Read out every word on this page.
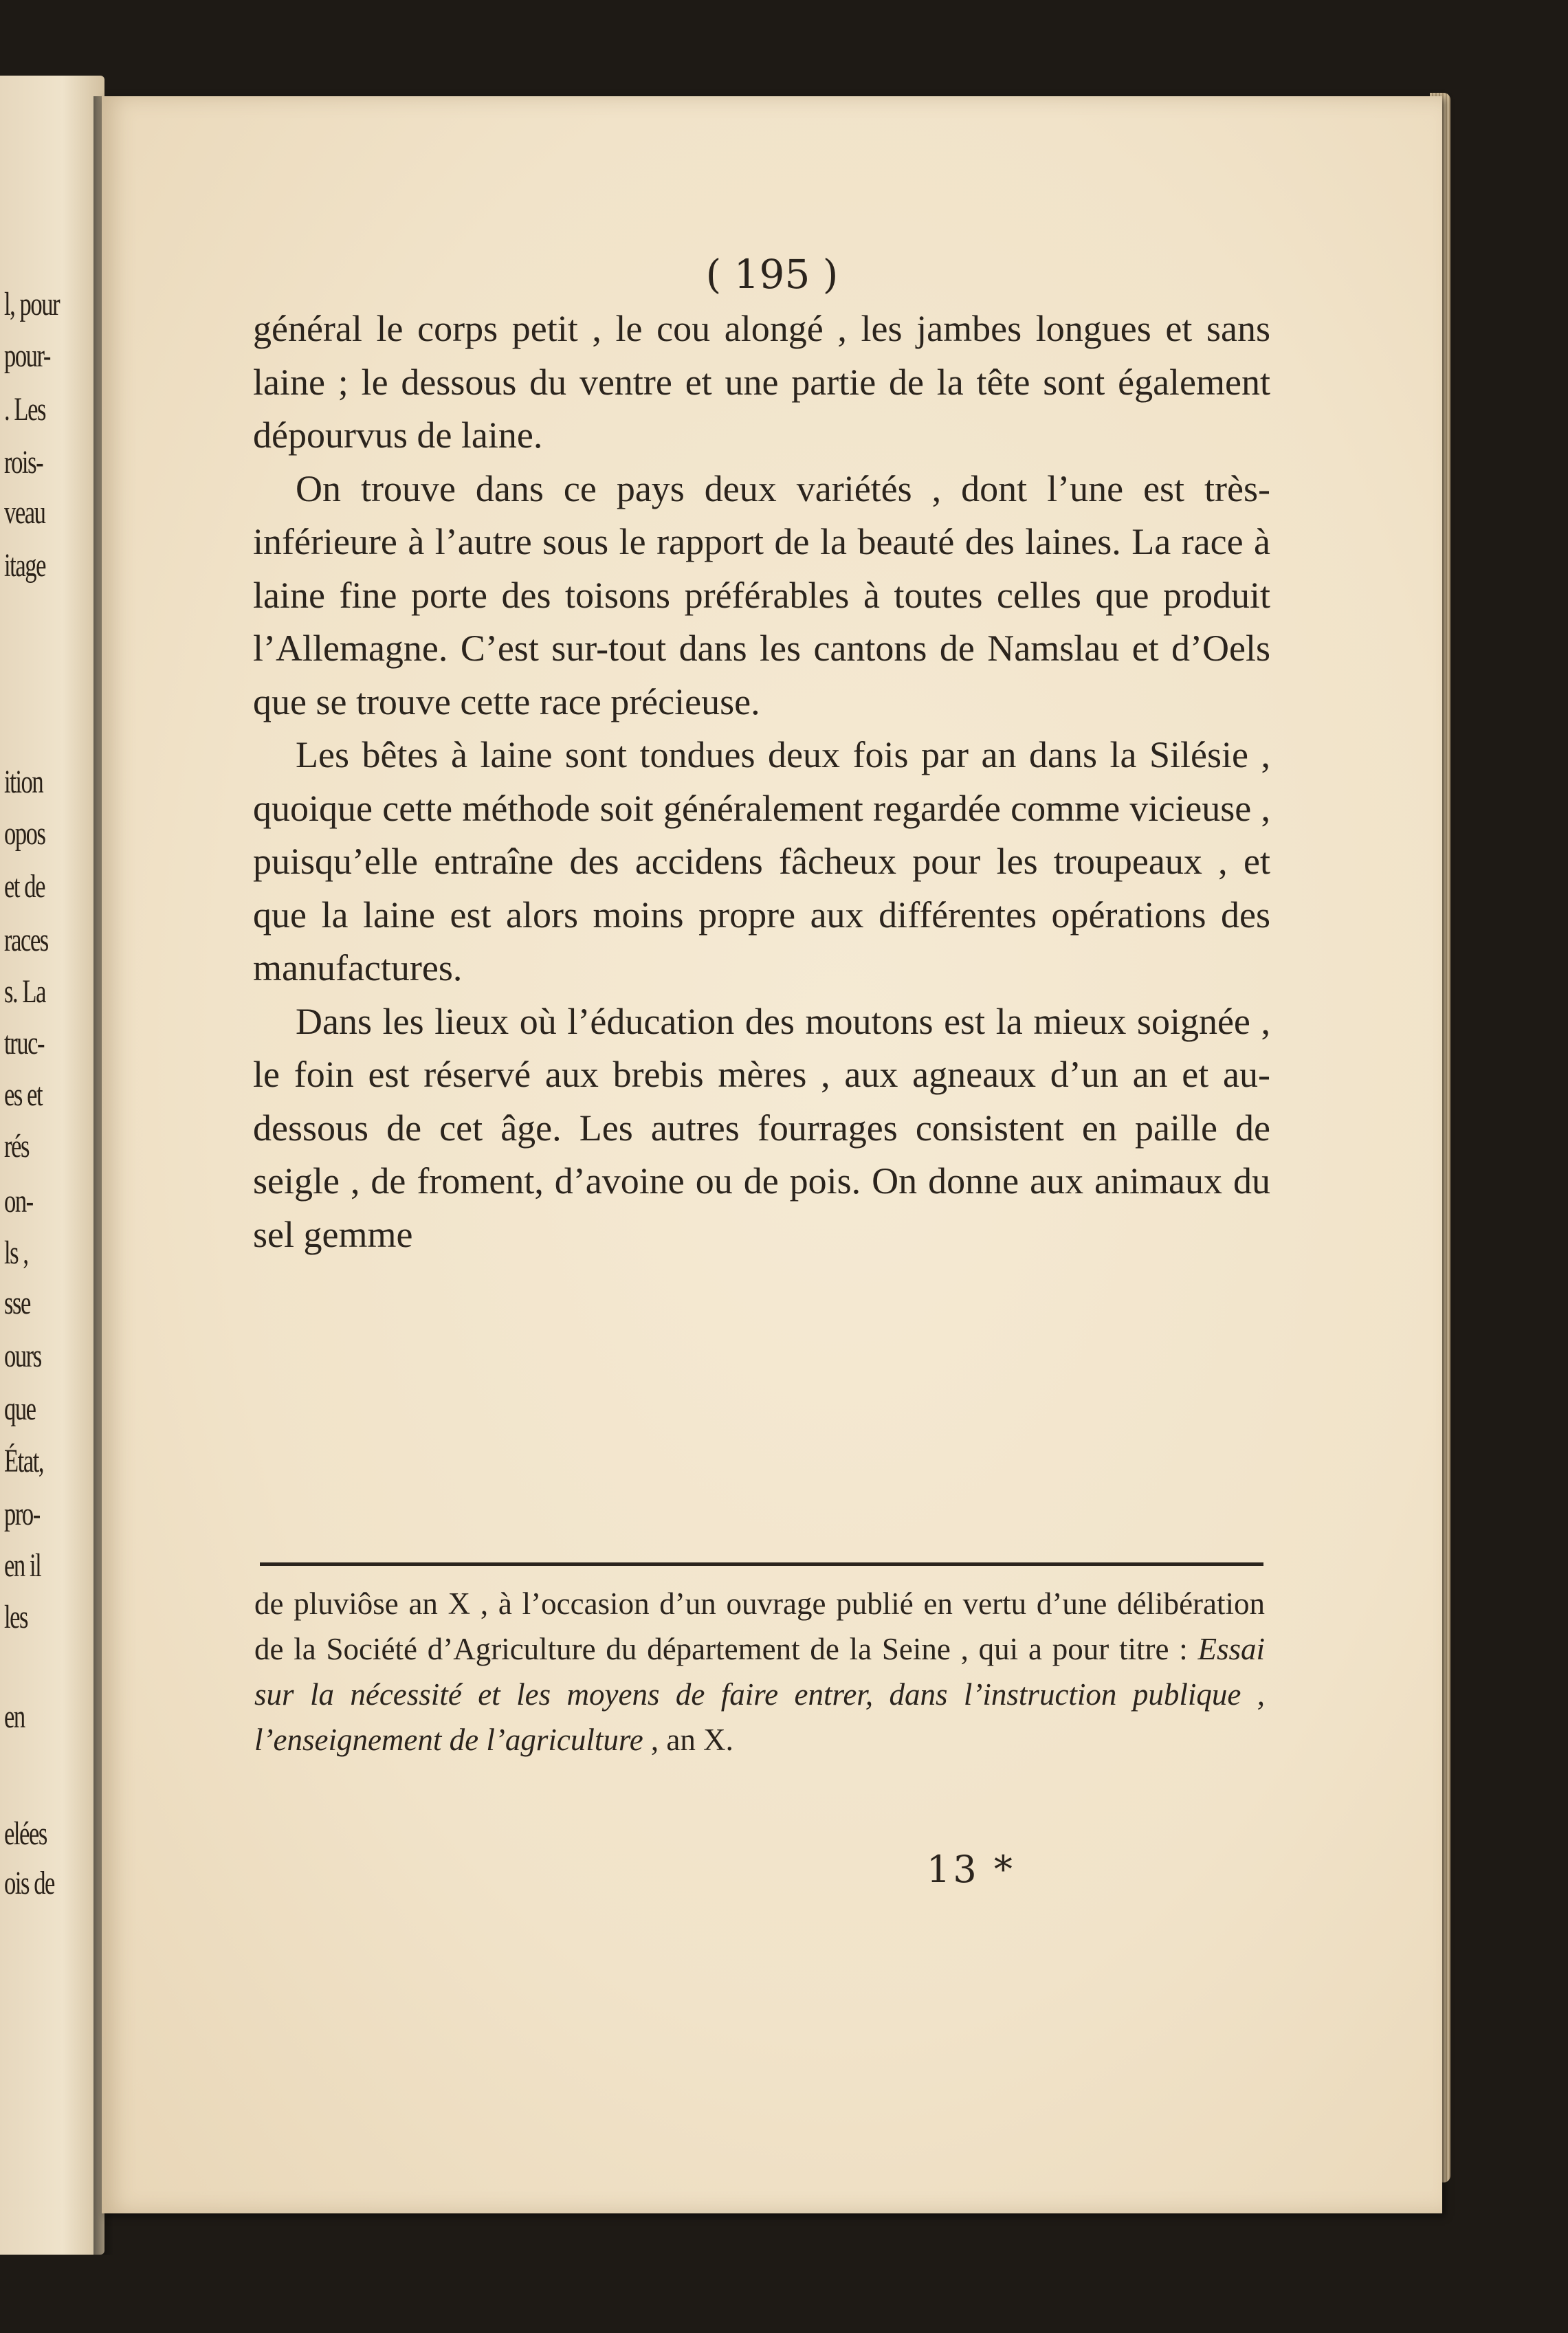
l, pour
pour-
. Les
rois-
veau
itage
ition
opos
et de
races
s. La
truc-
es et
rés
on-
ls ,
sse
ours
que
État,
pro-
en il
les
en
elées
ois de
( 195 )

général le corps petit , le cou alongé , les jambes longues et sans laine ; le dessous du ventre et une partie de la tête sont également dépourvus de laine.

On trouve dans ce pays deux variétés , dont l’une est très-inférieure à l’autre sous le rapport de la beauté des laines. La race à laine fine porte des toisons préférables à toutes celles que produit l’Allemagne. C’est sur-tout dans les cantons de Namslau et d’Oels que se trouve cette race précieuse.

Les bêtes à laine sont tondues deux fois par an dans la Silésie , quoique cette méthode soit généralement regardée comme vicieuse , puisqu’elle entraîne des accidens fâcheux pour les troupeaux , et que la laine est alors moins propre aux différentes opérations des manufactures.

Dans les lieux où l’éducation des moutons est la mieux soignée , le foin est réservé aux brebis mères , aux agneaux d’un an et au-dessous de cet âge. Les autres fourrages consistent en paille de seigle , de froment, d’avoine ou de pois. On donne aux animaux du sel gemme

de pluviôse an X , à l’occasion d’un ouvrage publié en vertu d’une délibération de la Société d’Agriculture du département de la Seine , qui a pour titre : Essai sur la nécessité et les moyens de faire entrer, dans l’instruction publique , l’enseignement de l’agriculture , an X.
13 *
